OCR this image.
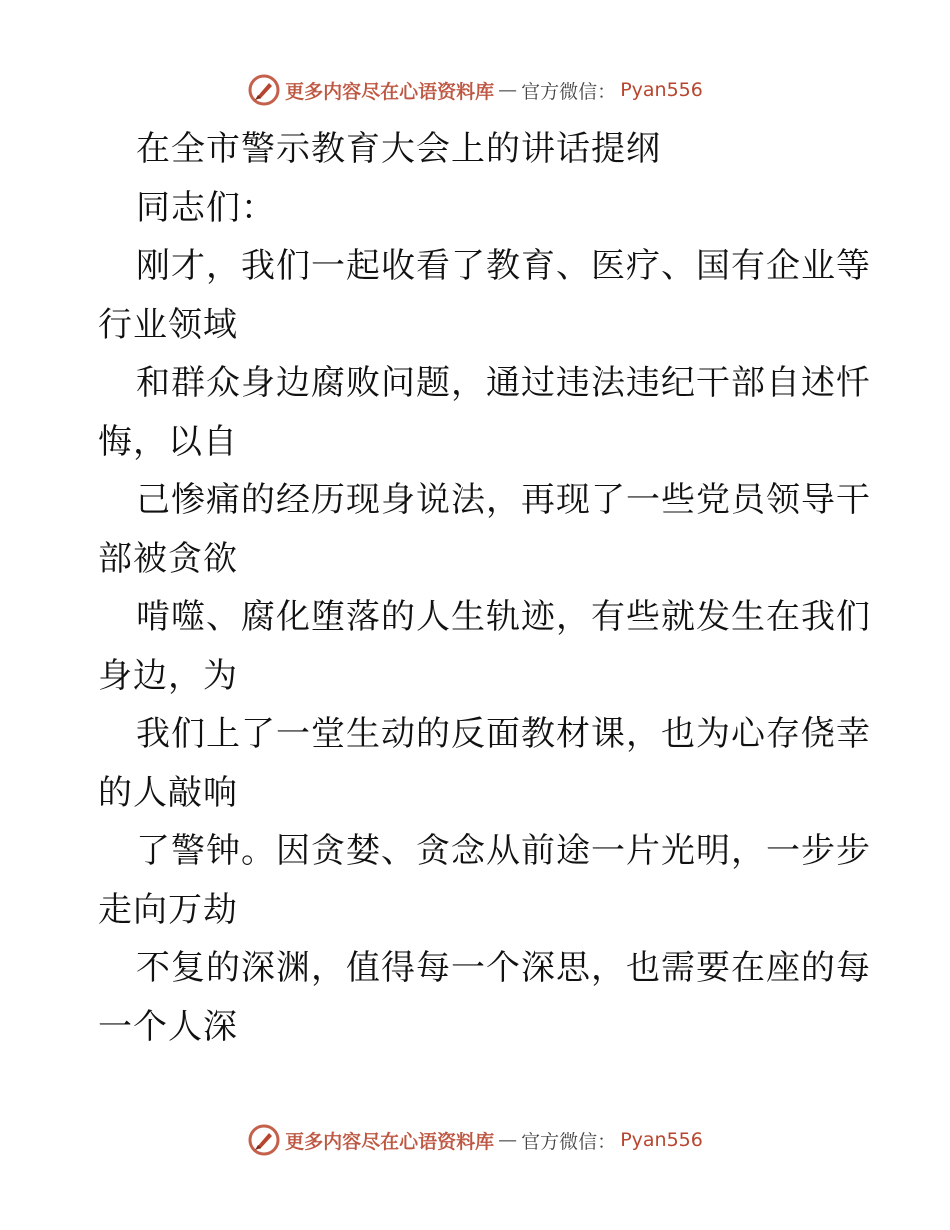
更多内容尽在心语资料库 — 官方微信： Pyan556
在全市警示教育大会上的讲话提纲
同志们：
刚才，我们一起收看了教育、医疗、国有企业等
行业领域
和群众身边腐败问题，通过违法违纪干部自述忏
悔，以自
己惨痛的经历现身说法，再现了一些党员领导干
部被贪欲
啃噬、腐化堕落的人生轨迹，有些就发生在我们
身边，为
我们上了一堂生动的反面教材课，也为心存侥幸
的人敲响
了警钟。因贪婪、贪念从前途一片光明，一步步
走向万劫
不复的深渊，值得每一个深思，也需要在座的每
一个人深
更多内容尽在心语资料库 — 官方微信： Pyan556
